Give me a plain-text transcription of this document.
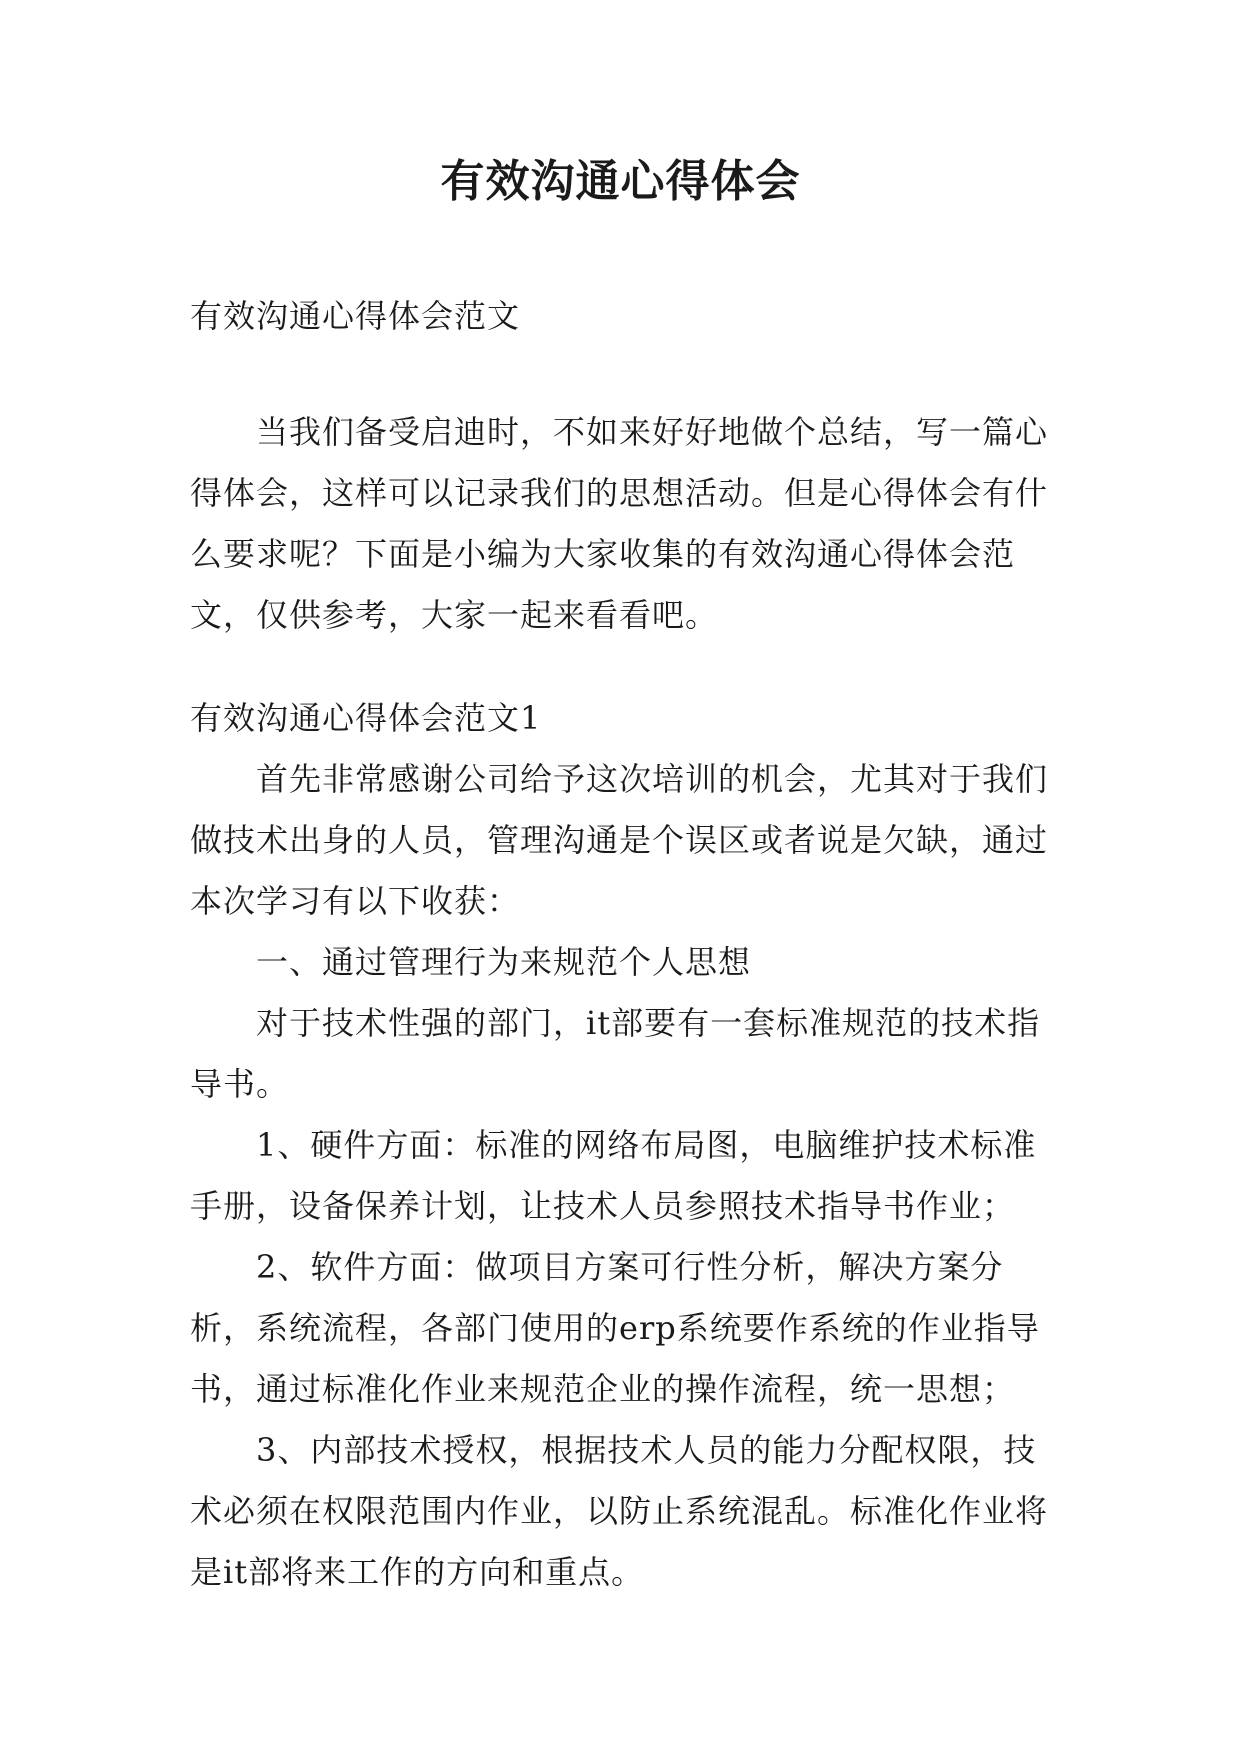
有效沟通心得体会

有效沟通心得体会范文

当我们备受启迪时，不如来好好地做个总结，写一篇心得体会，这样可以记录我们的思想活动。但是心得体会有什么要求呢？下面是小编为大家收集的有效沟通心得体会范文，仅供参考，大家一起来看看吧。

有效沟通心得体会范文1

首先非常感谢公司给予这次培训的机会，尤其对于我们做技术出身的人员，管理沟通是个误区或者说是欠缺，通过本次学习有以下收获：

一、通过管理行为来规范个人思想

对于技术性强的部门，it部要有一套标准规范的技术指导书。

1、硬件方面：标准的网络布局图，电脑维护技术标准手册，设备保养计划，让技术人员参照技术指导书作业；

2、软件方面：做项目方案可行性分析，解决方案分析，系统流程，各部门使用的erp系统要作系统的作业指导书，通过标准化作业来规范企业的操作流程，统一思想；

3、内部技术授权，根据技术人员的能力分配权限，技术必须在权限范围内作业，以防止系统混乱。标准化作业将是it部将来工作的方向和重点。
